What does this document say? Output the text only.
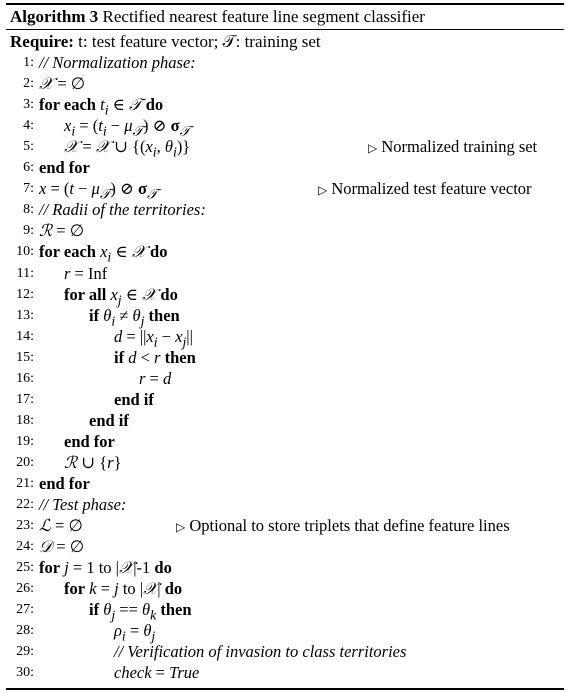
Algorithm 3 Rectified nearest feature line segment classifier
Require: t: test feature vector; 𝒯: training set
1: // Normalization phase:
2: 𝒳 = ∅
3: for each $t_i$ ∈ 𝒯 do
4: $x_i = (t_i - \mu_𝒯)$ ⊘ $\sigma_𝒯$
5: 𝒳 = 𝒳 ∪ {($x_i$, $\theta_i$)}	▷ Normalized training set
6: end for
7: $x = (t - \mu_𝒯)$ ⊘ $\sigma_𝒯$	▷ Normalized test feature vector
8: // Radii of the territories:
9: ℛ = ∅
10: for each $x_i$ ∈ 𝒳 do
11: r = Inf
12: for all $x_j$ ∈ 𝒳 do
13:	if $\theta_i \ne \theta_j$ then
14:	$d = ||x_i - x_j||$
15:	if d < r then
16:	r = d
17:	end if
18:	end if
19: end for
20: ℛ ∪ {r}
21: end for
22: // Test phase:
23: ℒ = ∅	▷ Optional to store triplets that define feature lines
24: 𝒟 = ∅
25: for j = 1 to |𝒳|-1 do
26: for k = j to |𝒳| do
27:	if $\theta_j == \theta_k$ then
28:	$\rho_i = \theta_j$
29:	// Verification of invasion to class territories
30:	check = True
